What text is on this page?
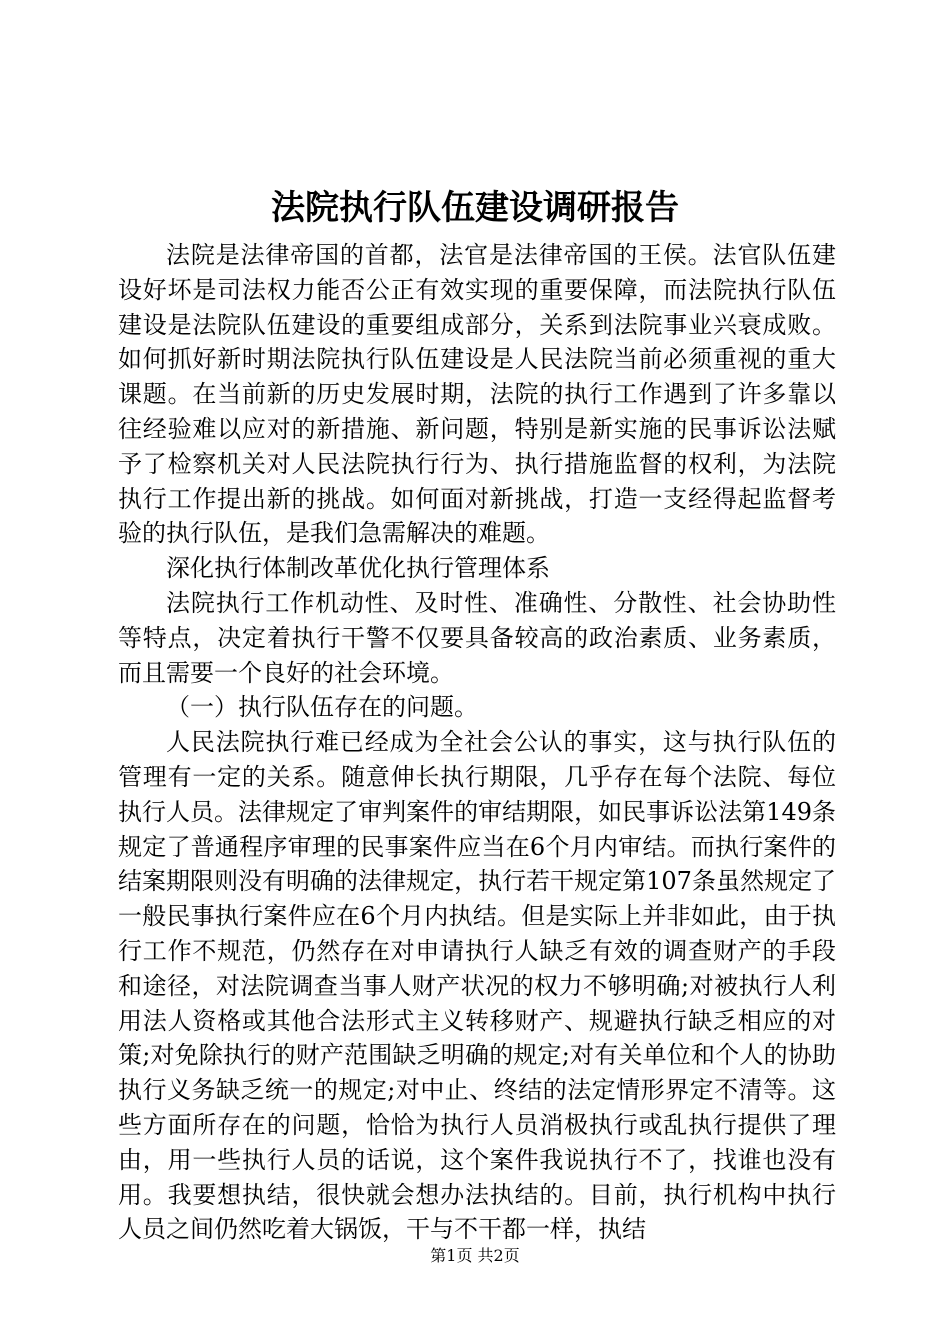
法院执行队伍建设调研报告

法院是法律帝国的首都，法官是法律帝国的王侯。法官队伍建设好坏是司法权力能否公正有效实现的重要保障，而法院执行队伍建设是法院队伍建设的重要组成部分，关系到法院事业兴衰成败。如何抓好新时期法院执行队伍建设是人民法院当前必须重视的重大课题。在当前新的历史发展时期，法院的执行工作遇到了许多靠以往经验难以应对的新措施、新问题，特别是新实施的民事诉讼法赋予了检察机关对人民法院执行行为、执行措施监督的权利，为法院执行工作提出新的挑战。如何面对新挑战，打造一支经得起监督考验的执行队伍，是我们急需解决的难题。

深化执行体制改革优化执行管理体系

法院执行工作机动性、及时性、准确性、分散性、社会协助性等特点，决定着执行干警不仅要具备较高的政治素质、业务素质，而且需要一个良好的社会环境。

（一）执行队伍存在的问题。

人民法院执行难已经成为全社会公认的事实，这与执行队伍的管理有一定的关系。随意伸长执行期限，几乎存在每个法院、每位执行人员。法律规定了审判案件的审结期限，如民事诉讼法第149条规定了普通程序审理的民事案件应当在6个月内审结。而执行案件的结案期限则没有明确的法律规定，执行若干规定第107条虽然规定了一般民事执行案件应在6个月内执结。但是实际上并非如此，由于执行工作不规范，仍然存在对申请执行人缺乏有效的调查财产的手段和途径，对法院调查当事人财产状况的权力不够明确;对被执行人利用法人资格或其他合法形式主义转移财产、规避执行缺乏相应的对策;对免除执行的财产范围缺乏明确的规定;对有关单位和个人的协助执行义务缺乏统一的规定;对中止、终结的法定情形界定不清等。这些方面所存在的问题，恰恰为执行人员消极执行或乱执行提供了理由，用一些执行人员的话说，这个案件我说执行不了，找谁也没有用。我要想执结，很快就会想办法执结的。目前，执行机构中执行人员之间仍然吃着大锅饭，干与不干都一样，执结

第1页 共2页
